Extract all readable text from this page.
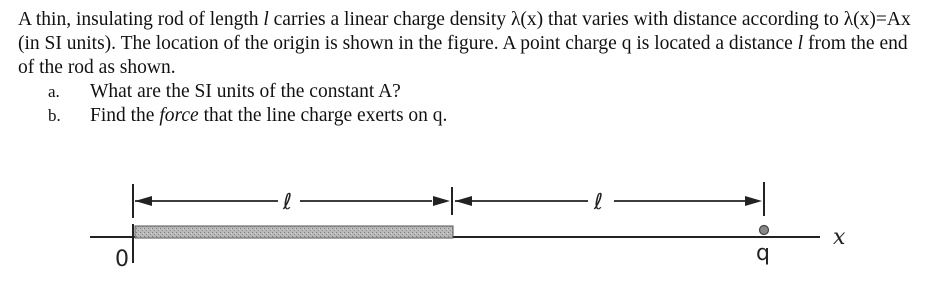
A thin, insulating rod of length l carries a linear charge density λ(x) that varies with distance according to λ(x)=Ax (in SI units). The location of the origin is shown in the figure. A point charge q is located a distance l from the end of the rod as shown.

a. What are the SI units of the constant A?
b. Find the force that the line charge exerts on q.
ℓ	ℓ
0	q
x
